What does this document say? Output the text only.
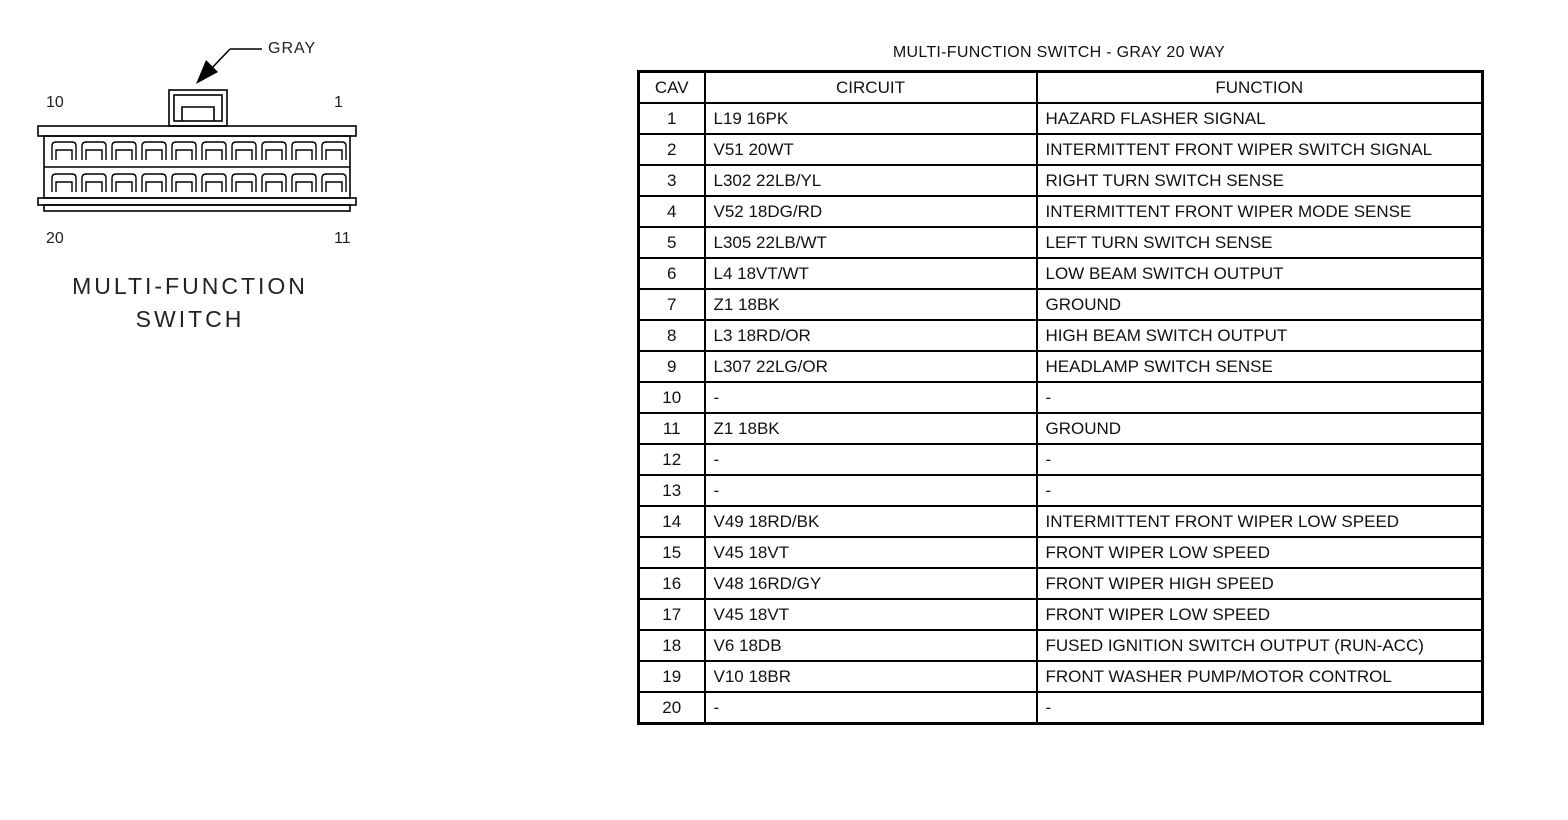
GRAY
10	1
20	11
MULTI-FUNCTION
SWITCH
MULTI-FUNCTION SWITCH - GRAY 20 WAY
CAV	CIRCUIT	FUNCTION
1	L19 16PK	HAZARD FLASHER SIGNAL
2	V51 20WT	INTERMITTENT FRONT WIPER SWITCH SIGNAL
3	L302 22LB/YL	RIGHT TURN SWITCH SENSE
4	V52 18DG/RD	INTERMITTENT FRONT WIPER MODE SENSE
5	L305 22LB/WT	LEFT TURN SWITCH SENSE
6	L4 18VT/WT	LOW BEAM SWITCH OUTPUT
7	Z1 18BK	GROUND
8	L3 18RD/OR	HIGH BEAM SWITCH OUTPUT
9	L307 22LG/OR	HEADLAMP SWITCH SENSE
10	-	-
11	Z1 18BK	GROUND
12	-	-
13	-	-
14	V49 18RD/BK	INTERMITTENT FRONT WIPER LOW SPEED
15	V45 18VT	FRONT WIPER LOW SPEED
16	V48 16RD/GY	FRONT WIPER HIGH SPEED
17	V45 18VT	FRONT WIPER LOW SPEED
18	V6 18DB	FUSED IGNITION SWITCH OUTPUT (RUN-ACC)
19	V10 18BR	FRONT WASHER PUMP/MOTOR CONTROL
20	-	-
